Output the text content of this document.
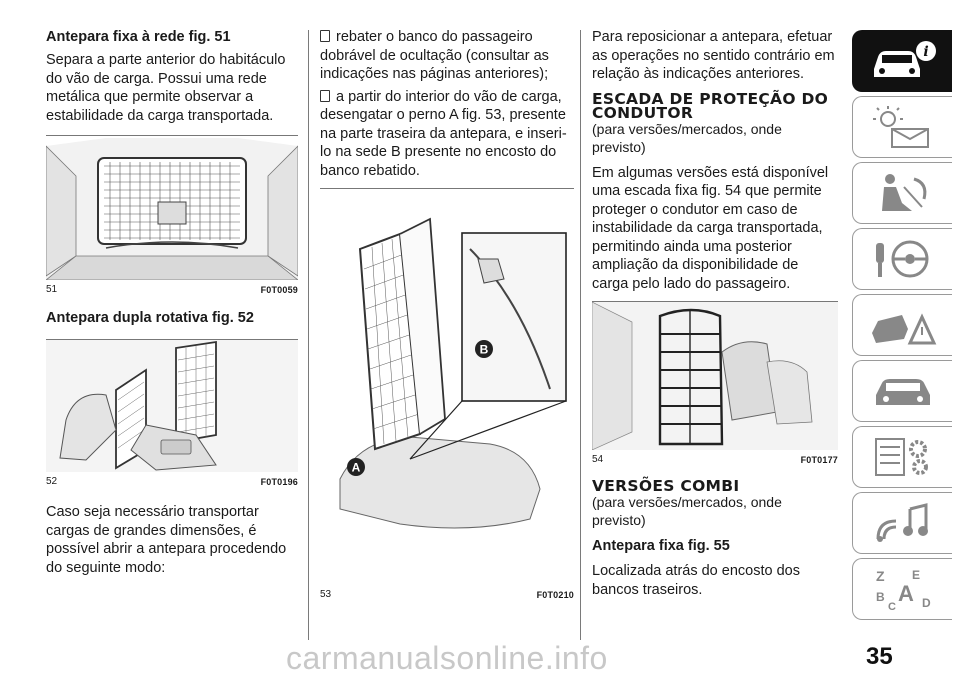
Antepara fixa à rede fig. 51

Separa a parte anterior do habitáculo do vão de carga. Possui uma rede metálica que permite observar a estabilidade da carga transportada.

51	F0T0059
Antepara dupla rotativa fig. 52
52	F0T0196

Caso seja necessário transportar cargas de grandes dimensões, é possível abrir a antepara procedendo do seguinte modo:

rebater o banco do passageiro dobrável de ocultação (consultar as indicações nas páginas anteriores);

a partir do interior do vão de carga, desengatar o perno A fig. 53, presente na parte traseira da antepara, e inseri-lo na sede B presente no encosto do banco rebatido.

B
A
53	F0T0210

Para reposicionar a antepara, efetuar as operações no sentido contrário em relação às indicações anteriores.

ESCADA DE PROTEÇÃO DO CONDUTOR

(para versões/mercados, onde previsto)

Em algumas versões está disponível uma escada fixa fig. 54 que permite proteger o condutor em caso de instabilidade da carga transportada, permitindo ainda uma posterior ampliação da disponibilidade de carga pelo lado do passageiro.

54	F0T0177
VERSÕES COMBI

(para versões/mercados, onde previsto)

Antepara fixa fig. 55

Localizada atrás do encosto dos bancos traseiros.

i
Z E
A
B
C D
35
carmanualsonline.info
